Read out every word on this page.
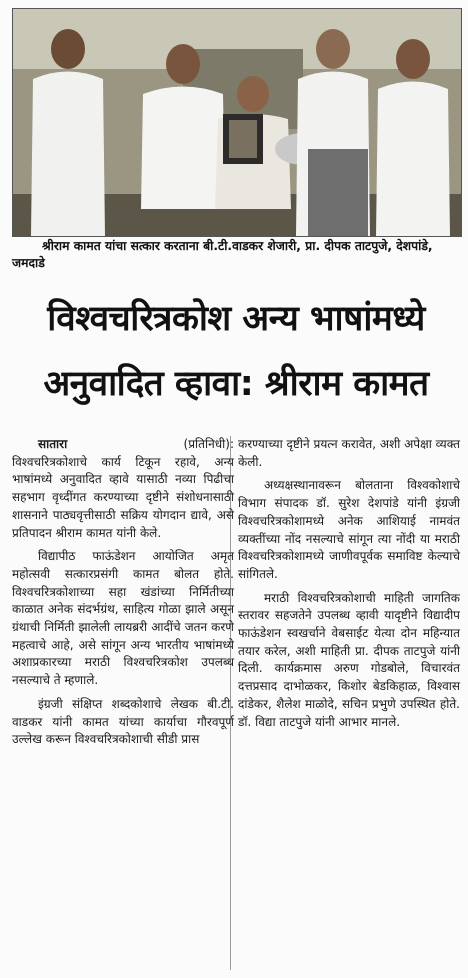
श्रीराम कामत यांचा सत्कार करताना बी.टी.वाडकर शेजारी, प्रा. दीपक ताटपुजे, देशपांडे, जमदाडे
विश्वचरित्रकोश अन्य भाषांमध्ये
अनुवादित व्हावा: श्रीराम कामत
सातारा	(प्रतिनिधी):

विश्वचरित्रकोशाचे कार्य टिकून रहावे, अन्य भाषांमध्ये अनुवादित व्हावे यासाठी नव्या पिढीचा सहभाग वृध्दींगत करण्याच्या दृष्टीने संशोधनासाठी शासनाने पाठ्यवृत्तीसाठी सक्रिय योगदान द्यावे, असे प्रतिपादन श्रीराम कामत यांनी केले.

विद्यापीठ फाऊंडेशन आयोजित अमृत महोत्सवी सत्कारप्रसंगी कामत बोलत होते. विश्वचरित्रकोशाच्या सहा खंडांच्या निर्मितीच्या काळात अनेक संदर्भग्रंथ, साहित्य गोळा झाले असून ग्रंथाची निर्मिती झालेली लायब्ररी आदींचे जतन करणे महत्वाचे आहे, असे सांगून अन्य भारतीय भाषांमध्ये अशाप्रकारच्या मराठी विश्वचरित्रकोश उपलब्ध नसल्याचे ते म्हणाले.

इंग्रजी संक्षिप्त शब्दकोशाचे लेखक बी.टी. वाडकर यांनी कामत यांच्या कार्याचा गौरवपूर्ण उल्लेख करून विश्वचरित्रकोशाची सीडी प्रास

करण्याच्या दृष्टीने प्रयत्न करावेत, अशी अपेक्षा व्यक्त केली.

अध्यक्षस्थानावरून बोलताना विश्वकोशाचे विभाग संपादक डॉ. सुरेश देशपांडे यांनी इंग्रजी विश्वचरित्रकोशामध्ये अनेक आशियाई नामवंत व्यक्तींच्या नोंद नसल्याचे सांगून त्या नोंदी या मराठी विश्वचरित्रकोशामध्ये जाणीवपूर्वक समाविष्ट केल्याचे सांगितले.

मराठी विश्वचरित्रकोशाची माहिती जागतिक स्तरावर सहजतेने उपलब्ध व्हावी यादृष्टीने विद्यादीप फाऊंडेशन स्वखर्चाने वेबसाईट येत्या दोन महिन्यात तयार करेल, अशी माहिती प्रा. दीपक ताटपुजे यांनी दिली. कार्यक्रमास अरुण गोडबोले, विचारवंत दत्तप्रसाद दाभोळकर, किशोर बेडकिहाळ, विश्वास दांडेकर, शैलेश माळोदे, सचिन प्रभुणे उपस्थित होते. डॉ. विद्या ताटपुजे यांनी आभार मानले.
